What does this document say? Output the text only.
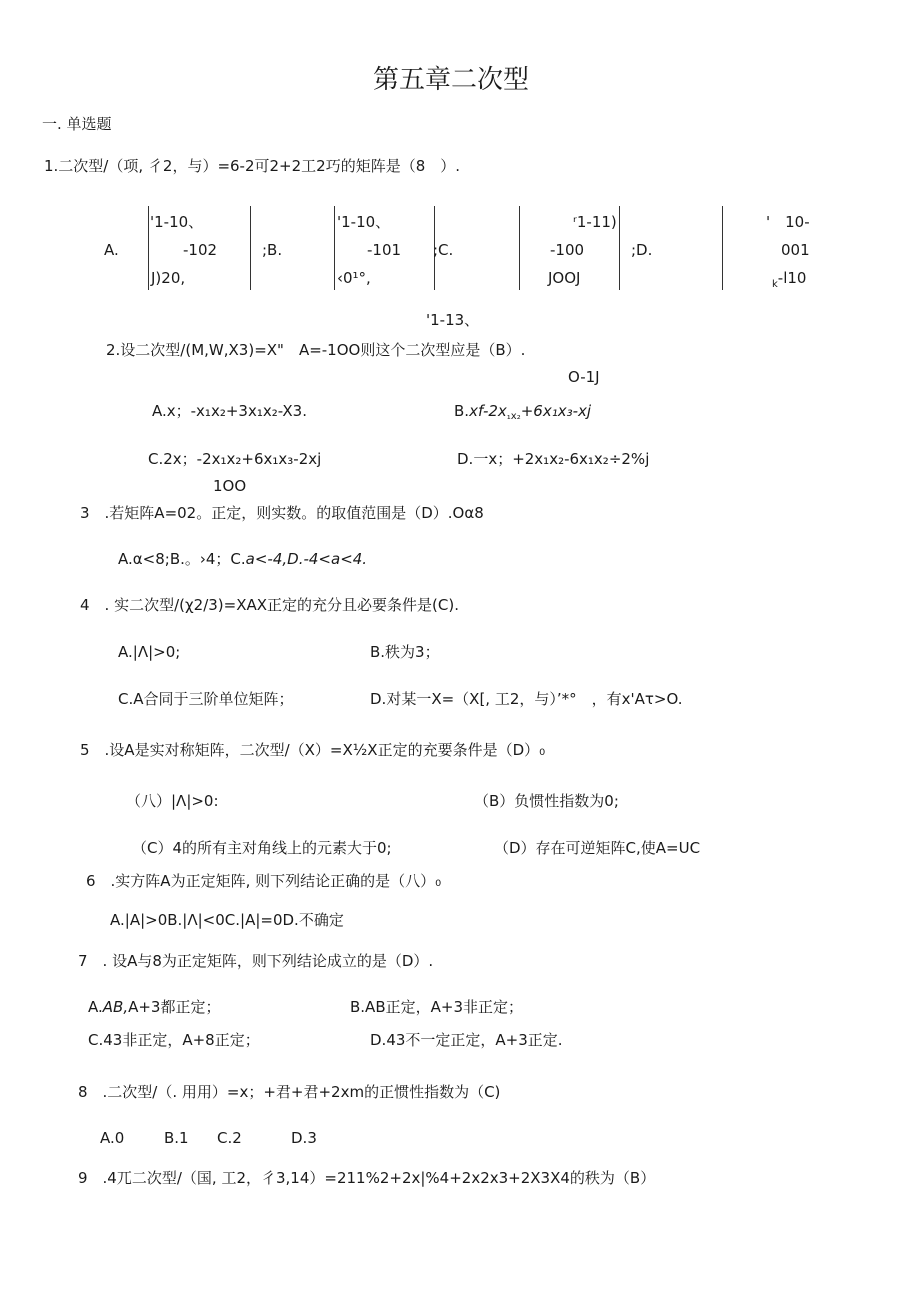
第五章二次型
一. 单选题
1.二次型/（项, 彳2，与）=6-2可2+2工2巧的矩阵是（8　）.
A.
'1-10、
-102
J)20,
;B.
'1-10、
-101
‹0¹°,
;C.
ʳ1-11)
-100
JOOJ
;D.
'　10-
001
$_k$-l10
'1-13、
2.设二次型/(M,W,X3)=X"　A=-1OO则这个二次型应是（B）.
O-1J
A.x；-x₁x₂+3x₁x₂-X3.	$B.xf-2x_{_1x_2}+6x_1x_3-xj$
C.2x；-2x₁x₂+6x₁x₃-2xj	D.一x；+2x₁x₂-6x₁x₂÷2%j
1OO
3　.若矩阵A=02。正定，则实数。的取值范围是（D）.Oα8
A.α<8;B.。›4；C.a<-4,D.-4<a<4.
4　. 实二次型/(χ2/3)=XAX正定的充分且必要条件是(C).
A.|Λ|>0;	B.秩为3；
C.A合同于三阶单位矩阵；	D.对某一X=（X[, 工2，与）’*°　，有x'Aτ>O.
5　.设A是实对称矩阵，二次型/（X）=X½X正定的充要条件是（D）₀
（八）|Λ|>0:	（B）负惯性指数为0;
（C）4的所有主对角线上的元素大于0;	（D）存在可逆矩阵C,使A=UC
6　.实方阵A为正定矩阵, 则下列结论正确的是（八）₀
A.|A|>0B.|Λ|<0C.|A|=0D.不确定
7　. 设A与8为正定矩阵，则下列结论成立的是（D）.
A.AB,A+3都正定；	B.AB正定，A+3非正定；
C.43非正定，A+8正定；	D.43不一定正定，A+3正定.
8　.二次型/（. 用用）=x；+君+君+2xm的正惯性指数为（C)
A.0	B.1 C.2	D.3
9　.4兀二次型/（国, 工2，彳3,14）=211%2+2x|%4+2x2x3+2X3X4的秩为（B）
